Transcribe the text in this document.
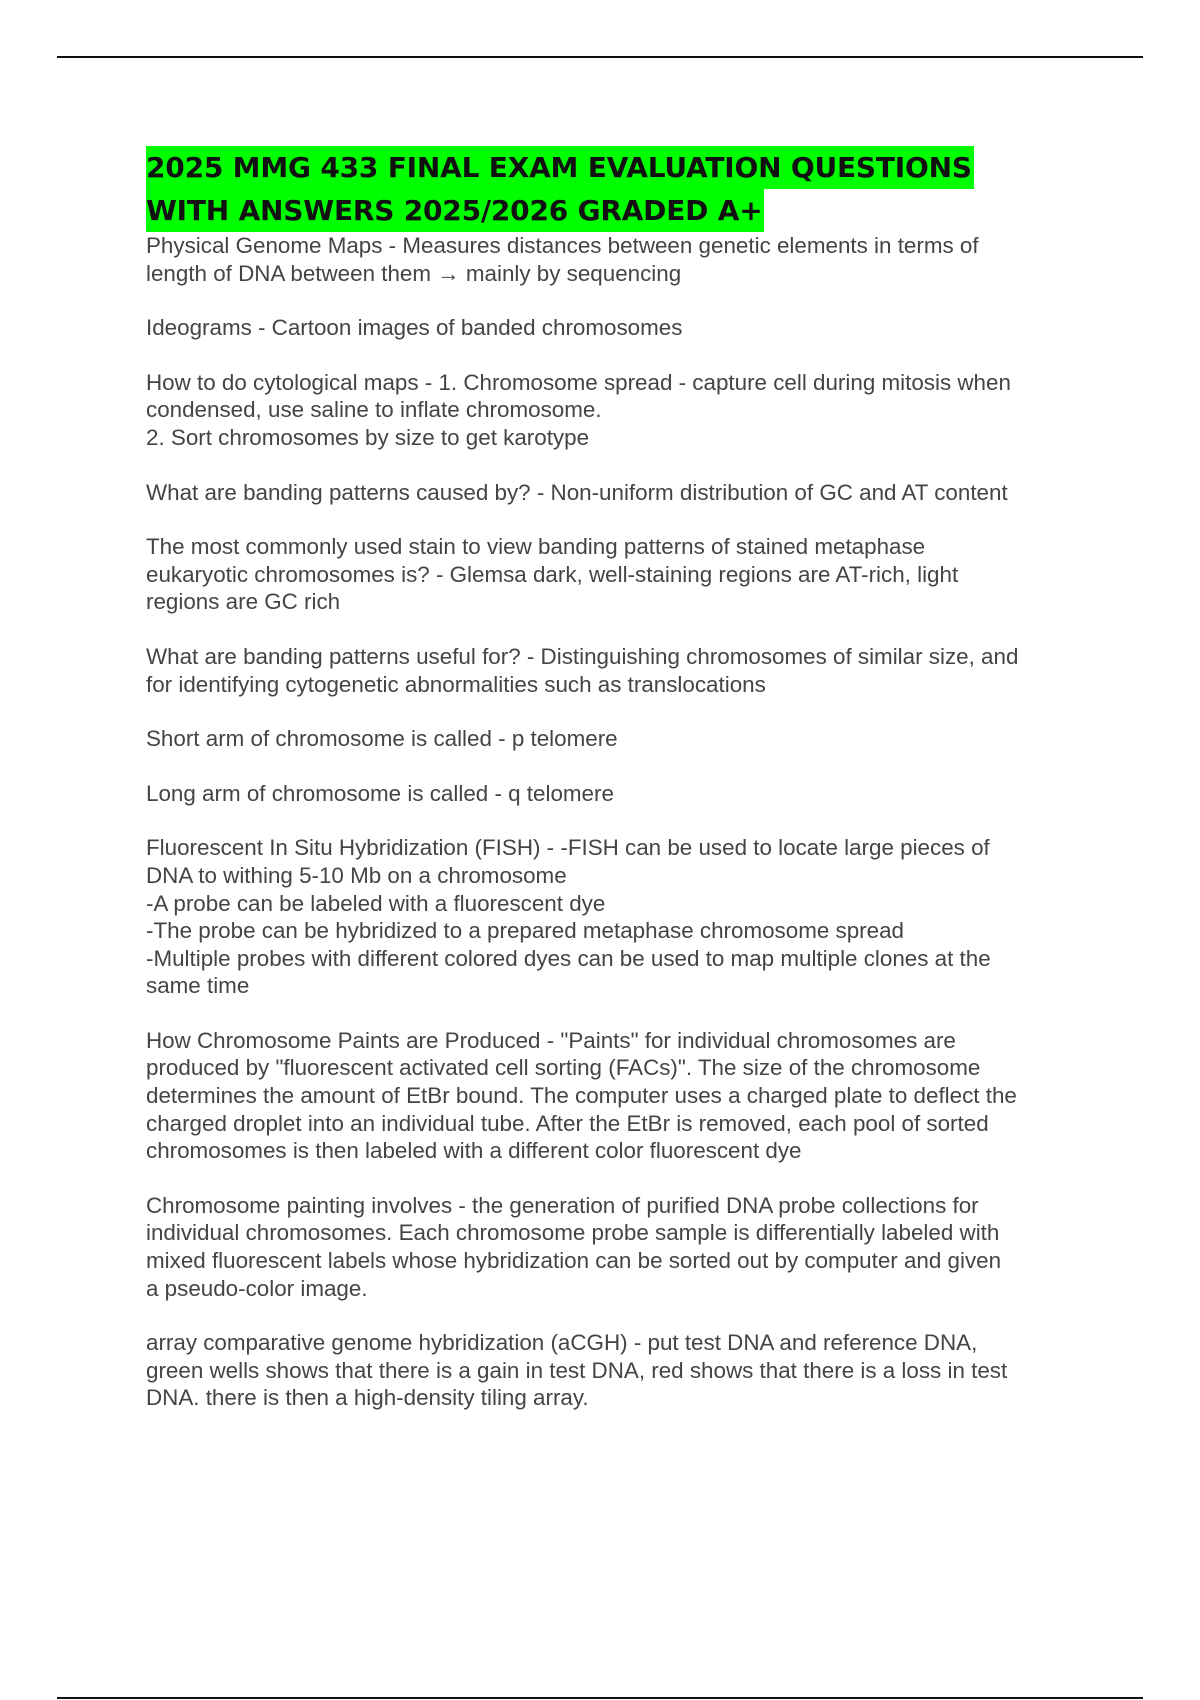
2025 MMG 433 FINAL EXAM EVALUATION QUESTIONS
WITH ANSWERS 2025/2026 GRADED A+
Physical Genome Maps - Measures distances between genetic elements in terms of
length of DNA between them → mainly by sequencing
Ideograms - Cartoon images of banded chromosomes
How to do cytological maps - 1. Chromosome spread - capture cell during mitosis when
condensed, use saline to inflate chromosome.
2. Sort chromosomes by size to get karotype
What are banding patterns caused by? - Non-uniform distribution of GC and AT content
The most commonly used stain to view banding patterns of stained metaphase
eukaryotic chromosomes is? - Glemsa dark, well-staining regions are AT-rich, light
regions are GC rich
What are banding patterns useful for? - Distinguishing chromosomes of similar size, and
for identifying cytogenetic abnormalities such as translocations
Short arm of chromosome is called - p telomere
Long arm of chromosome is called - q telomere
Fluorescent In Situ Hybridization (FISH) - -FISH can be used to locate large pieces of
DNA to withing 5-10 Mb on a chromosome
-A probe can be labeled with a fluorescent dye
-The probe can be hybridized to a prepared metaphase chromosome spread
-Multiple probes with different colored dyes can be used to map multiple clones at the
same time
How Chromosome Paints are Produced - "Paints" for individual chromosomes are
produced by "fluorescent activated cell sorting (FACs)". The size of the chromosome
determines the amount of EtBr bound. The computer uses a charged plate to deflect the
charged droplet into an individual tube. After the EtBr is removed, each pool of sorted
chromosomes is then labeled with a different color fluorescent dye
Chromosome painting involves - the generation of purified DNA probe collections for
individual chromosomes. Each chromosome probe sample is differentially labeled with
mixed fluorescent labels whose hybridization can be sorted out by computer and given
a pseudo-color image.
array comparative genome hybridization (aCGH) - put test DNA and reference DNA,
green wells shows that there is a gain in test DNA, red shows that there is a loss in test
DNA. there is then a high-density tiling array.
